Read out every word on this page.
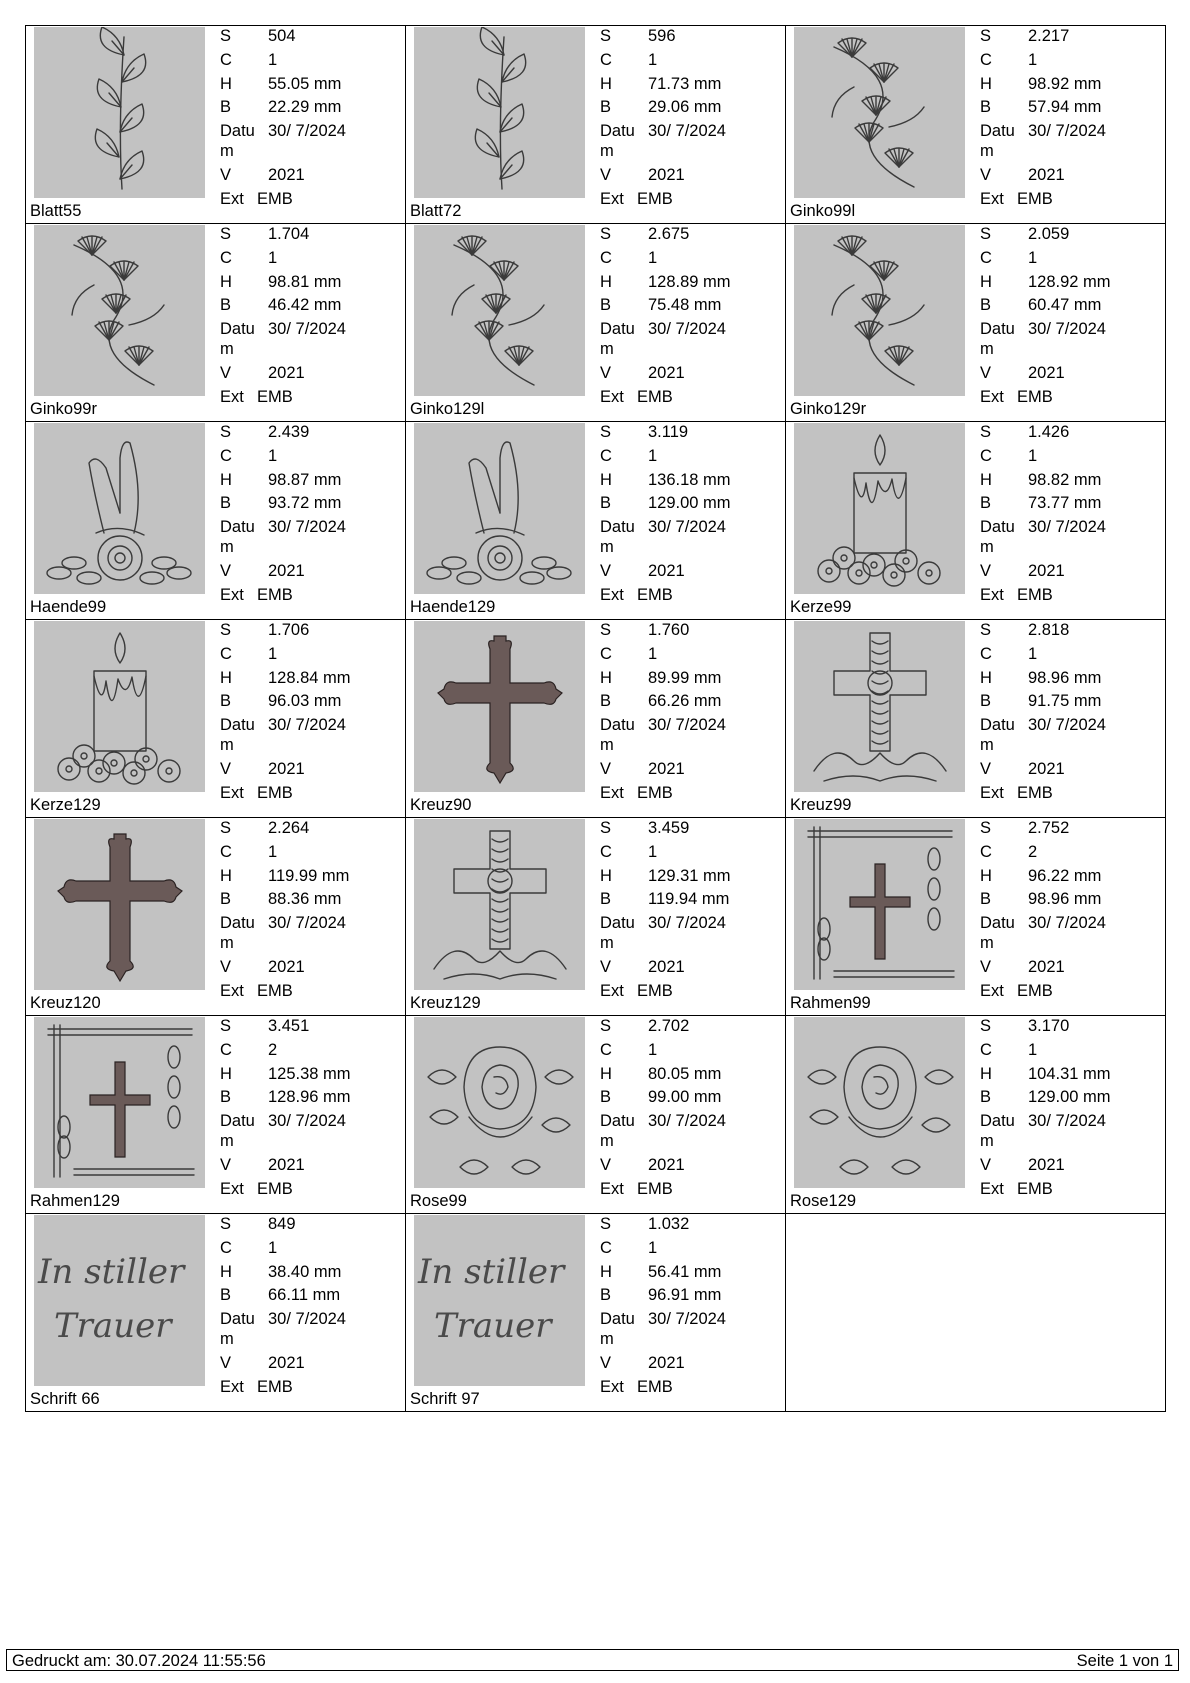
Blatt55
S 504
C 1
H 55.05 mm
B 22.29 mm
Datu 30/ 7/2024
m
V 2021
Ext EMB
Blatt72
S 596
C 1
H 71.73 mm
B 29.06 mm
Datu 30/ 7/2024
m
V 2021
Ext EMB
Ginko99l
S 2.217
C 1
H 98.92 mm
B 57.94 mm
Datu 30/ 7/2024
m
V 2021
Ext EMB
Ginko99r
S 1.704
C 1
H 98.81 mm
B 46.42 mm
Datu 30/ 7/2024
m
V 2021
Ext EMB
Ginko129l
S 2.675
C 1
H 128.89 mm
B 75.48 mm
Datu 30/ 7/2024
m
V 2021
Ext EMB
Ginko129r
S 2.059
C 1
H 128.92 mm
B 60.47 mm
Datu 30/ 7/2024
m
V 2021
Ext EMB
Haende99
S 2.439
C 1
H 98.87 mm
B 93.72 mm
Datu 30/ 7/2024
m
V 2021
Ext EMB
Haende129
S 3.119
C 1
H 136.18 mm
B 129.00 mm
Datu 30/ 7/2024
m
V 2021
Ext EMB
Kerze99
S 1.426
C 1
H 98.82 mm
B 73.77 mm
Datu 30/ 7/2024
m
V 2021
Ext EMB
Kerze129
S 1.706
C 1
H 128.84 mm
B 96.03 mm
Datu 30/ 7/2024
m
V 2021
Ext EMB
Kreuz90
S 1.760
C 1
H 89.99 mm
B 66.26 mm
Datu 30/ 7/2024
m
V 2021
Ext EMB
Kreuz99
S 2.818
C 1
H 98.96 mm
B 91.75 mm
Datu 30/ 7/2024
m
V 2021
Ext EMB
Kreuz120
S 2.264
C 1
H 119.99 mm
B 88.36 mm
Datu 30/ 7/2024
m
V 2021
Ext EMB
Kreuz129
S 3.459
C 1
H 129.31 mm
B 119.94 mm
Datu 30/ 7/2024
m
V 2021
Ext EMB
Rahmen99
S 2.752
C 2
H 96.22 mm
B 98.96 mm
Datu 30/ 7/2024
m
V 2021
Ext EMB
Rahmen129
S 3.451
C 2
H 125.38 mm
B 128.96 mm
Datu 30/ 7/2024
m
V 2021
Ext EMB
Rose99
S 2.702
C 1
H 80.05 mm
B 99.00 mm
Datu 30/ 7/2024
m
V 2021
Ext EMB
Rose129
S 3.170
C 1
H 104.31 mm
B 129.00 mm
Datu 30/ 7/2024
m
V 2021
Ext EMB
In stiller
Trauer
Schrift 66
S 849
C 1
H 38.40 mm
B 66.11 mm
Datu 30/ 7/2024
m
V 2021
Ext EMB
In stiller
Trauer
Schrift 97
S 1.032
C 1
H 56.41 mm
B 96.91 mm
Datu 30/ 7/2024
m
V 2021
Ext EMB
Gedruckt am: 30.07.2024 11:55:56	Seite 1 von 1
